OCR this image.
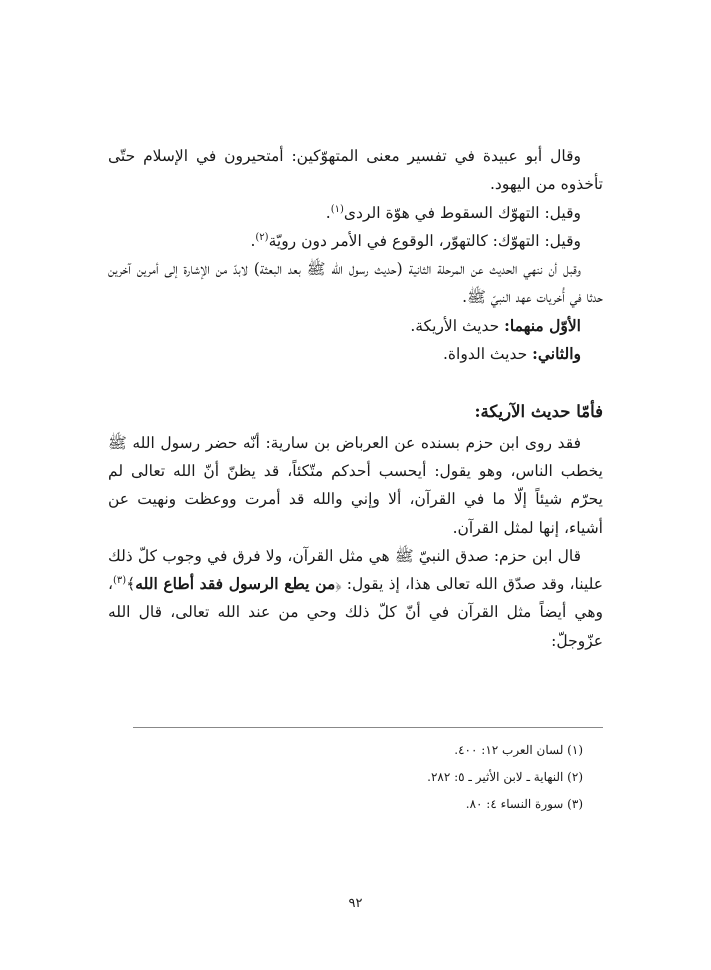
وقال أبو عبيدة في تفسير معنى المتهوّكين: أمتحيرون في الإسلام حتّى تأخذوه من اليهود.

وقيل: التهوّك السقوط في هوّة الردى$^{(١)}$.

وقيل: التهوّك: كالتهوّر، الوقوع في الأمر دون رويّة$^{(٢)}$.

وقبل أن ننهي الحديث عن المرحلة الثانية (حديث رسول الله ﷺ بعد البعثة) لابدّ من الإشارة إلى أمرين آخرين حدثا في أُخريات عهد النبيّ ﷺ.

الأوّل منهما: حديث الأريكة.

والثاني: حديث الدواة.

فأمّا حديث الآريكة:

فقد روى ابن حزم بسنده عن العرباض بن سارية: أنّه حضر رسول الله ﷺ يخطب الناس، وهو يقول: أيحسب أحدكم متّكئاً، قد يظنّ أنّ الله تعالى لم يحرّم شيئاً إلّا ما في القرآن، ألا وإني والله قد أمرت ووعظت ونهيت عن أشياء، إنها لمثل القرآن.

قال ابن حزم: صدق النبيّ ﷺ هي مثل القرآن، ولا فرق في وجوب كلّ ذلك علينا، وقد صدّق الله تعالى هذا، إذ يقول: ﴿من يطع الرسول فقد أطاع الله﴾$^{(٣)}$، وهي أيضاً مثل القرآن في أنّ كلّ ذلك وحي من عند الله تعالى، قال الله عزّوجلّ:

(١) لسان العرب ١٢: ٤٠٠.

(٢) النهاية ـ لابن الأثير ـ ٥: ٢٨٢.

(٣) سورة النساء ٤: ٨٠.

٩٢
